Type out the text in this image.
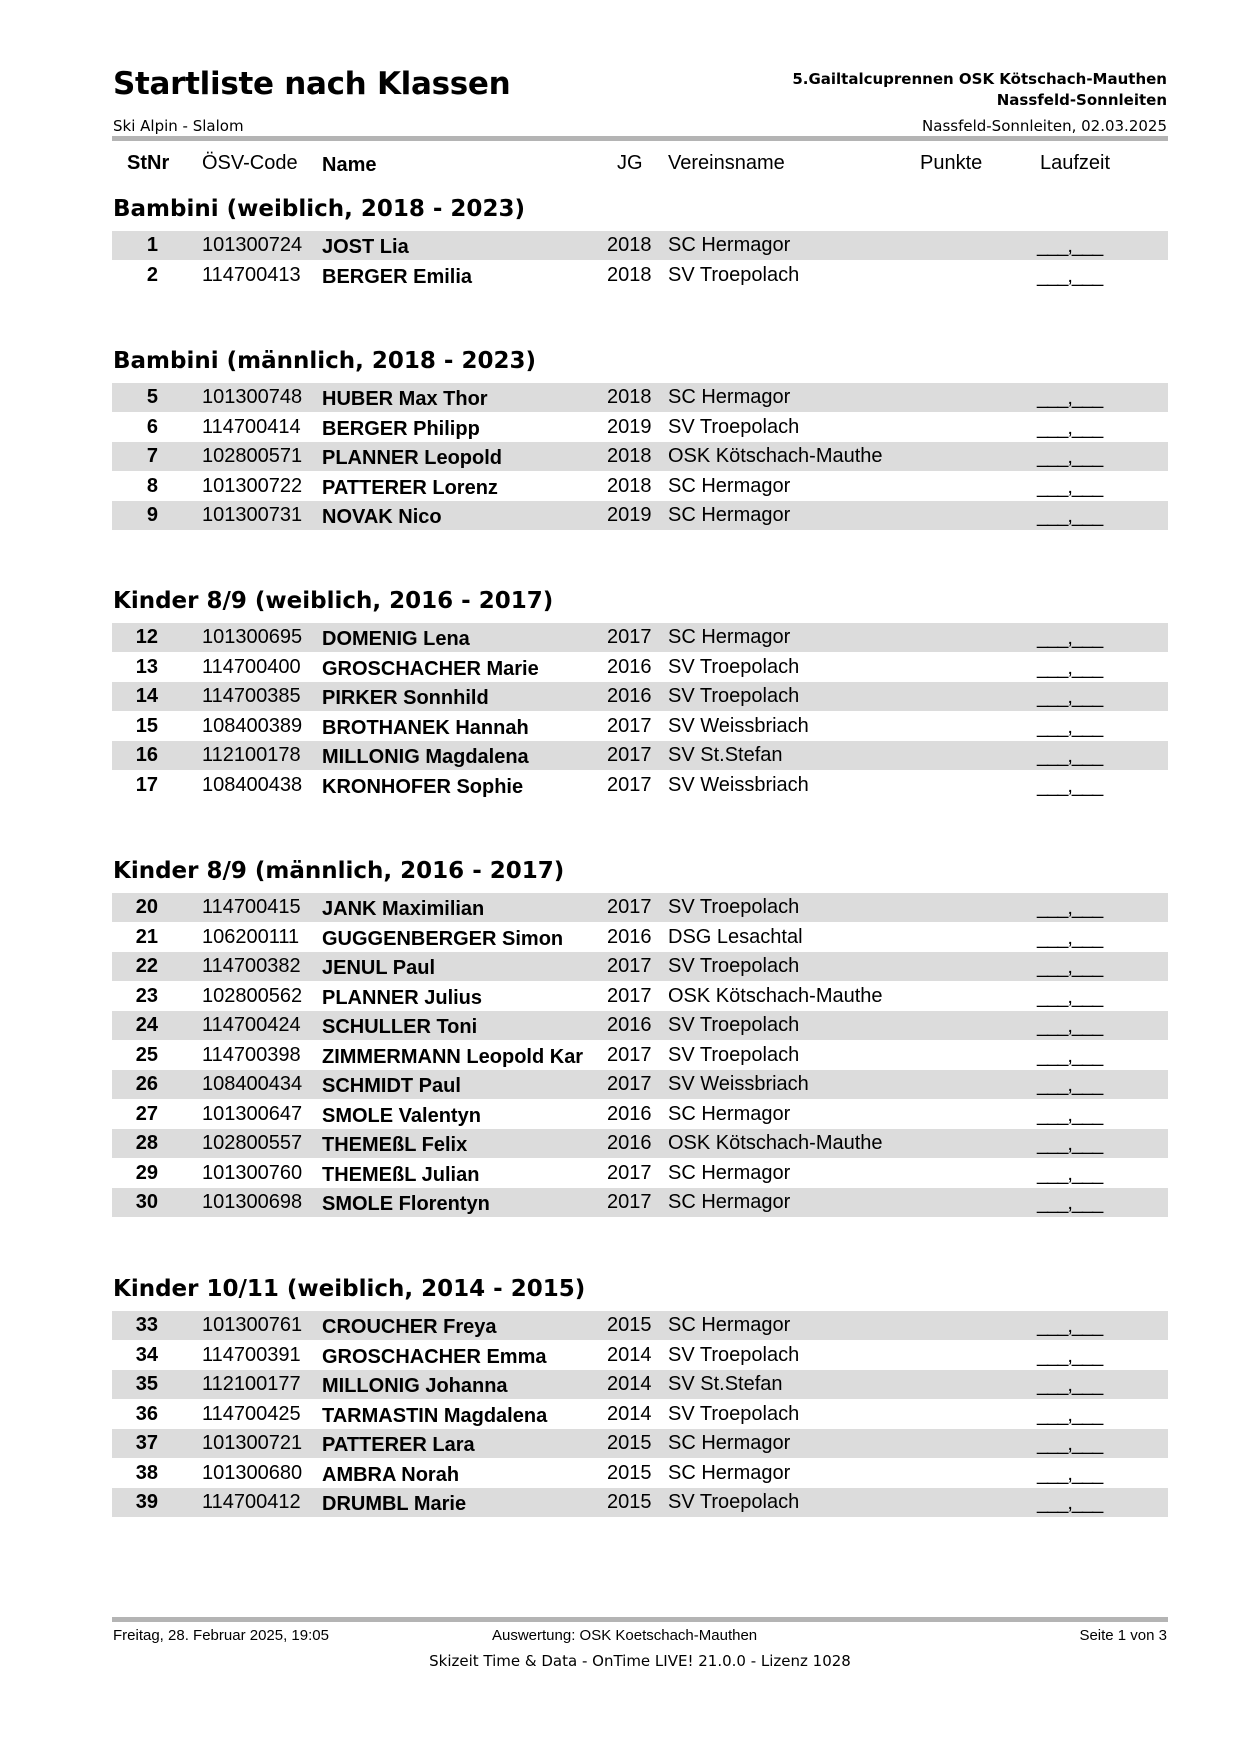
Startliste nach Klassen
Ski Alpin - Slalom
5.Gailtalcuprennen OSK Kötschach-Mauthen
Nassfeld-Sonnleiten
Nassfeld-Sonnleiten, 02.03.2025
StNr ÖSV-Code Name	JG Vereinsname	Punkte	Laufzeit
Bambini (weiblich, 2018 - 2023)
1 101300724 JOST Lia	2018 SC Hermagor	___,___
2 114700413 BERGER Emilia	2018 SV Troepolach	___,___
Bambini (männlich, 2018 - 2023)
5 101300748 HUBER Max Thor	2018 SC Hermagor	___,___
6 114700414 BERGER Philipp	2019 SV Troepolach	___,___
7 102800571 PLANNER Leopold	2018 OSK Kötschach-Mauthe	___,___
8 101300722 PATTERER Lorenz	2018 SC Hermagor	___,___
9 101300731 NOVAK Nico	2019 SC Hermagor	___,___
Kinder 8/9 (weiblich, 2016 - 2017)
12 101300695 DOMENIG Lena	2017 SC Hermagor	___,___
13 114700400 GROSCHACHER Marie	2016 SV Troepolach	___,___
14 114700385 PIRKER Sonnhild	2016 SV Troepolach	___,___
15 108400389 BROTHANEK Hannah	2017 SV Weissbriach	___,___
16 112100178 MILLONIG Magdalena	2017 SV St.Stefan	___,___
17 108400438 KRONHOFER Sophie	2017 SV Weissbriach	___,___
Kinder 8/9 (männlich, 2016 - 2017)
20 114700415 JANK Maximilian	2017 SV Troepolach	___,___
21 106200111 GUGGENBERGER Simon 2016 DSG Lesachtal	___,___
22 114700382 JENUL Paul	2017 SV Troepolach	___,___
23 102800562 PLANNER Julius	2017 OSK Kötschach-Mauthe	___,___
24 114700424 SCHULLER Toni	2016 SV Troepolach	___,___
25 114700398 ZIMMERMANN Leopold Kar 2017 SV Troepolach	___,___
26 108400434 SCHMIDT Paul	2017 SV Weissbriach	___,___
27 101300647 SMOLE Valentyn	2016 SC Hermagor	___,___
28 102800557 THEMEßL Felix	2016 OSK Kötschach-Mauthe	___,___
29 101300760 THEMEßL Julian	2017 SC Hermagor	___,___
30 101300698 SMOLE Florentyn	2017 SC Hermagor	___,___
Kinder 10/11 (weiblich, 2014 - 2015)
33 101300761 CROUCHER Freya	2015 SC Hermagor	___,___
34 114700391 GROSCHACHER Emma	2014 SV Troepolach	___,___
35 112100177 MILLONIG Johanna	2014 SV St.Stefan	___,___
36 114700425 TARMASTIN Magdalena	2014 SV Troepolach	___,___
37 101300721 PATTERER Lara	2015 SC Hermagor	___,___
38 101300680 AMBRA Norah	2015 SC Hermagor	___,___
39 114700412 DRUMBL Marie	2015 SV Troepolach	___,___
Freitag, 28. Februar 2025, 19:05	Auswertung: OSK Koetschach-Mauthen	Seite 1 von 3
Skizeit Time & Data - OnTime LIVE! 21.0.0 - Lizenz 1028
